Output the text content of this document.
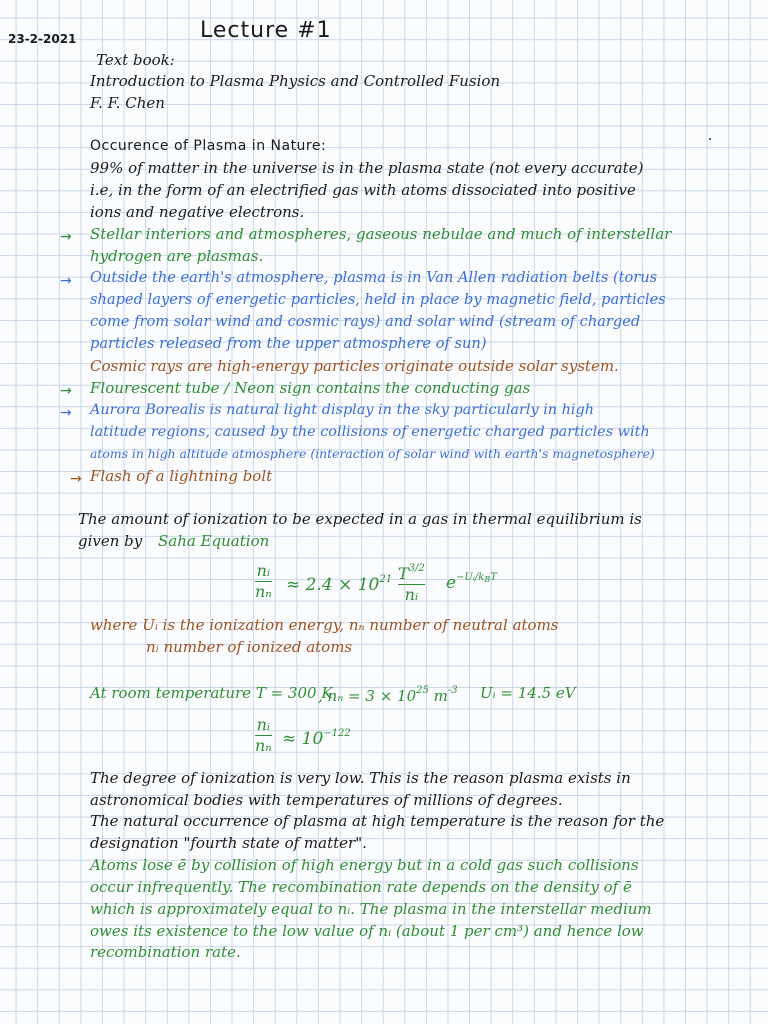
23-2-2021	Lecture #1
Text book:
Introduction to Plasma Physics and Controlled Fusion
F. F. Chen
Occurence of Plasma in Nature:
99% of matter in the universe is in the plasma state (not every accurate)
i.e, in the form of an electrified gas with atoms dissociated into positive
ions and negative electrons.
→ Stellar interiors and atmospheres, gaseous nebulae and much of interstellar
hydrogen are plasmas.
→ Outside the earth's atmosphere, plasma is in Van Allen radiation belts (torus
shaped layers of energetic particles, held in place by magnetic field, particles
come from solar wind and cosmic rays) and solar wind (stream of charged
particles released from the upper atmosphere of sun)
Cosmic rays are high-energy particles originate outside solar system.
→ Flourescent tube / Neon sign contains the conducting gas
→ Aurora Borealis is natural light display in the sky particularly in high
latitude regions, caused by the collisions of energetic charged particles with
atoms in high altitude atmosphere (interaction of solar wind with earth's magnetosphere)
→ Flash of a lightning bolt
The amount of ionization to be expected in a gas in thermal equilibrium is
given by Saha Equation
nᵢ
$n_n \approx 2.4 \times 10^{21}$ $T^{3/2}$
nᵢ
$e^{-Uᵢ/k_BT}$
where Uᵢ is the ionization energy, nₙ number of neutral atoms
nᵢ number of ionized atoms
At room temperature T = 300 K
, $n_n = 3 \times 10^{25}$ $m^{-3}$ Uᵢ = 14.5 eV
nᵢ
$n_n \approx 10^{-122}$
The degree of ionization is very low. This is the reason plasma exists in
astronomical bodies with temperatures of millions of degrees.
The natural occurrence of plasma at high temperature is the reason for the
designation "fourth state of matter".
Atoms lose ē by collision of high energy but in a cold gas such collisions
occur infrequently. The recombination rate depends on the density of ē
which is approximately equal to nᵢ. The plasma in the interstellar medium
owes its existence to the low value of nᵢ (about 1 per cm³) and hence low
recombination rate.
